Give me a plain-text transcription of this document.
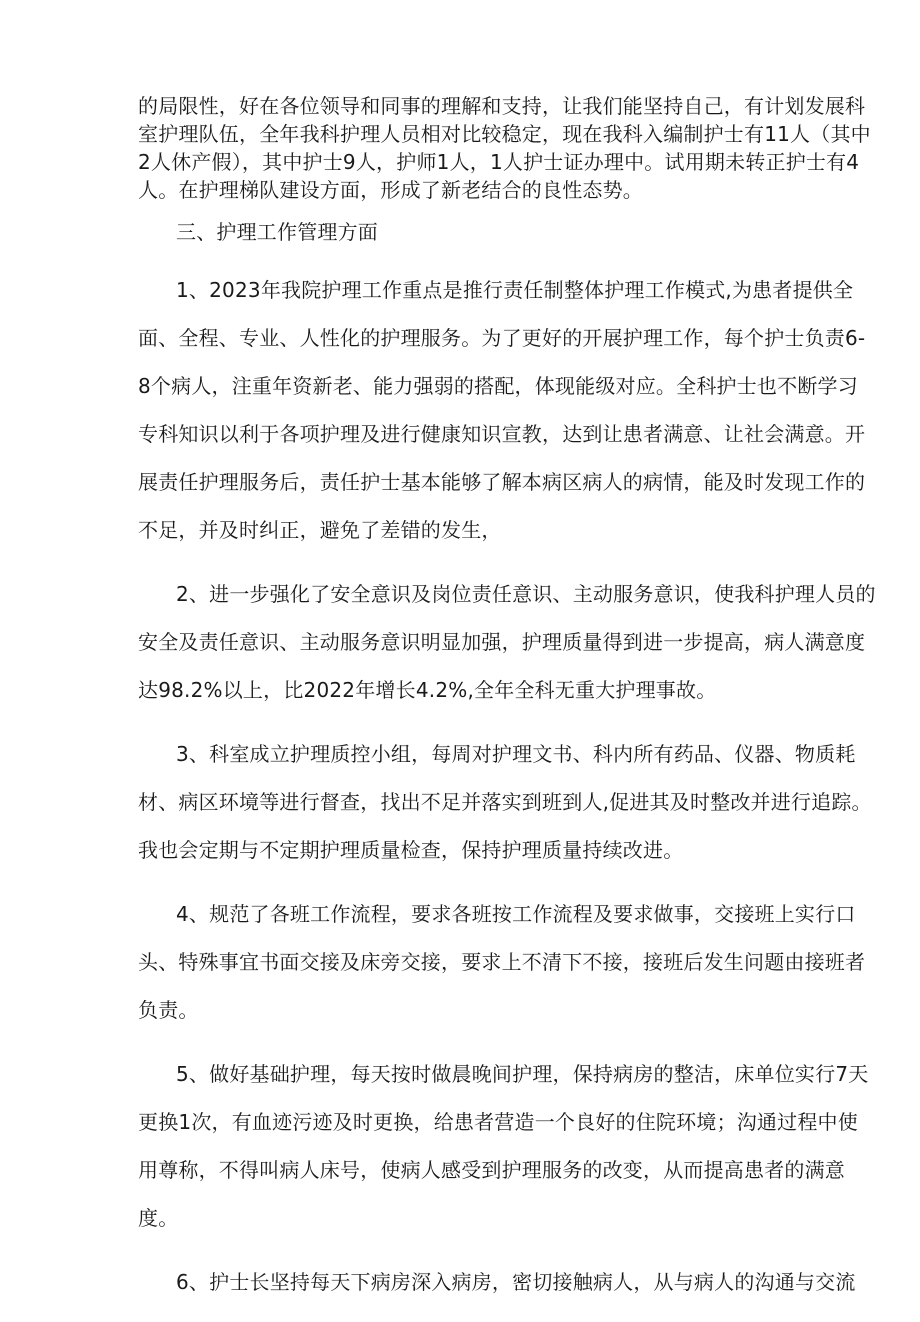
的局限性，好在各位领导和同事的理解和支持，让我们能坚持自己，有计划发展科室护理队伍，全年我科护理人员相对比较稳定，现在我科入编制护士有11人（其中2人休产假），其中护士9人，护师1人，1人护士证办理中。试用期未转正护士有4人。在护理梯队建设方面，形成了新老结合的良性态势。

三、护理工作管理方面

1、2023年我院护理工作重点是推行责任制整体护理工作模式,为患者提供全面、全程、专业、人性化的护理服务。为了更好的开展护理工作，每个护士负责6-8个病人，注重年资新老、能力强弱的搭配，体现能级对应。全科护士也不断学习专科知识以利于各项护理及进行健康知识宣教，达到让患者满意、让社会满意。开展责任护理服务后，责任护士基本能够了解本病区病人的病情，能及时发现工作的不足，并及时纠正，避免了差错的发生，

2、进一步强化了安全意识及岗位责任意识、主动服务意识，使我科护理人员的安全及责任意识、主动服务意识明显加强，护理质量得到进一步提高，病人满意度达98.2%以上，比2022年增长4.2%,全年全科无重大护理事故。

3、科室成立护理质控小组，每周对护理文书、科内所有药品、仪器、物质耗材、病区环境等进行督查，找出不足并落实到班到人,促进其及时整改并进行追踪。我也会定期与不定期护理质量检查，保持护理质量持续改进。

4、规范了各班工作流程，要求各班按工作流程及要求做事，交接班上实行口头、特殊事宜书面交接及床旁交接，要求上不清下不接，接班后发生问题由接班者负责。

5、做好基础护理，每天按时做晨晚间护理，保持病房的整洁，床单位实行7天更换1次，有血迹污迹及时更换，给患者营造一个良好的住院环境；沟通过程中使用尊称，不得叫病人床号，使病人感受到护理服务的改变，从而提高患者的满意度。

6、护士长坚持每天下病房深入病房，密切接触病人，从与病人的沟通与交流
